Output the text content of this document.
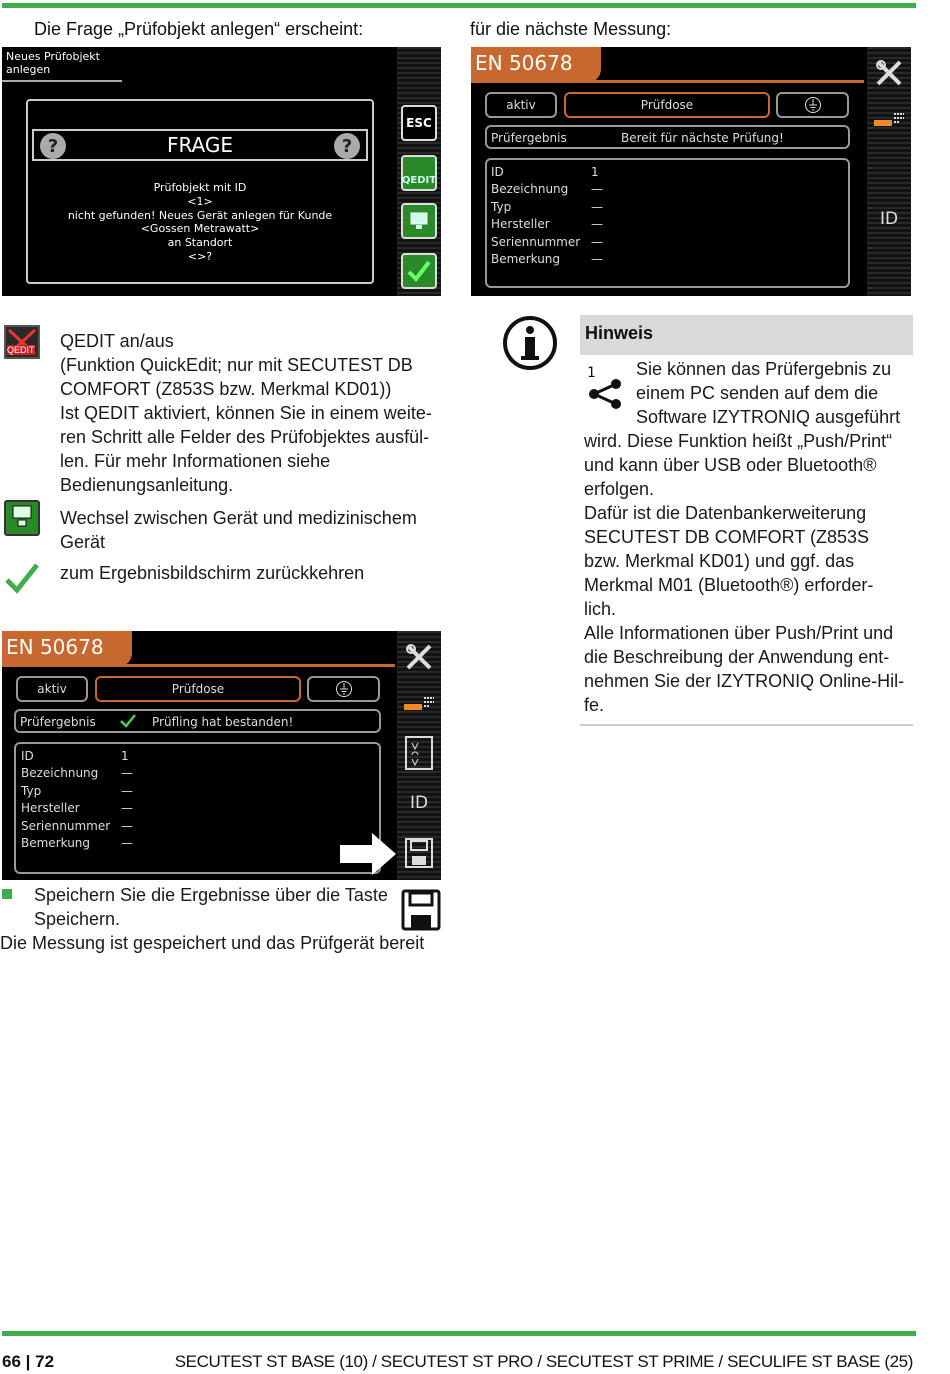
Die Frage „Prüfobjekt anlegen“ erscheint:	für die nächste Messung:
Neues Prüfobjekt anlegen
?	FRAGE	?
Prüfobjekt mit ID
<1>
nicht gefunden! Neues Gerät anlegen für Kunde
<Gossen Metrawatt>
an Standort
<>?
ESC
QEDIT
EN 50678
aktiv	Prüfdose
Prüfergebnis	Bereit für nächste Prüfung!
ID	1
Bezeichnung	—
Typ	—
Hersteller	—
Seriennummer —
Bemerkung	—
ID
QEDIT QEDIT an/aus
(Funktion QuickEdit; nur mit SECUTEST DB
COMFORT (Z853S bzw. Merkmal KD01))
Ist QEDIT aktiviert, können Sie in einem weite-
ren Schritt alle Felder des Prüfobjektes ausfül-
len. Für mehr Informationen siehe
Bedienungsanleitung.
Wechsel zwischen Gerät und medizinischem
Gerät
zum Ergebnisbildschirm zurückkehren
EN 50678
aktiv	Prüfdose
Prüfergebnis	Prüfling hat bestanden!
ID	1
Bezeichnung	—
Typ	—
Hersteller	—
Seriennummer —
Bemerkung	—
ID
Speichern Sie die Ergebnisse über die Taste
Speichern.
Die Messung ist gespeichert und das Prüfgerät bereit
Hinweis
1 Sie können das Prüfergebnis zu
einem PC senden auf dem die
Software IZYTRONIQ ausgeführt
wird. Diese Funktion heißt „Push/Print“
und kann über USB oder Bluetooth®
erfolgen.
Dafür ist die Datenbankerweiterung
SECUTEST DB COMFORT (Z853S
bzw. Merkmal KD01) und ggf. das
Merkmal M01 (Bluetooth®) erforder-
lich.
Alle Informationen über Push/Print und
die Beschreibung der Anwendung ent-
nehmen Sie der IZYTRONIQ Online-Hil-
fe.
66 | 72	SECUTEST ST BASE (10) / SECUTEST ST PRO / SECUTEST ST PRIME / SECULIFE ST BASE (25)
